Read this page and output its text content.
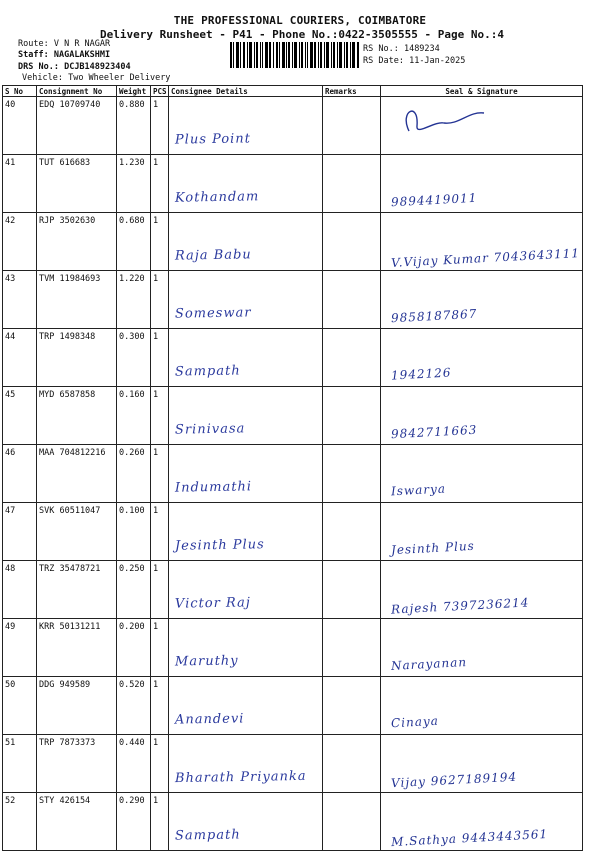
THE PROFESSIONAL COURIERS, COIMBATORE
Delivery Runsheet - P41 - Phone No.:0422-3505555 - Page No.:4
Route: V N R NAGAR
Staff: NAGALAKSHMI
DRS No.: DCJB148923404
Vehicle: Two Wheeler Delivery
RS No.: 1489234
RS Date: 11-Jan-2025
S No	Consignment No	Weight	PCS	Consignee Details	Remarks	Seal & Signature
40	EDQ 10709740	0.880	1	Plus Point

41	TUT 616683	1.230	1	Kothandam		9894419011

42	RJP 3502630	0.680	1	Raja Babu		V.Vijay Kumar 7043643111

43	TVM 11984693	1.220	1	Someswar		9858187867

44	TRP 1498348	0.300	1	Sampath		1942126

45	MYD 6587858	0.160	1	Srinivasa		9842711663

46	MAA 704812216	0.260	1	Indumathi		Iswarya

47	SVK 60511047	0.100	1	Jesinth Plus		Jesinth Plus

48	TRZ 35478721	0.250	1	Victor Raj		Rajesh 7397236214

49	KRR 50131211	0.200	1	Maruthy		Narayanan

50	DDG 949589	0.520	1	Anandevi		Cinaya

51	TRP 7873373	0.440	1	Bharath Priyanka		Vijay 9627189194

52	STY 426154	0.290	1	Sampath		M.Sathya 9443443561
